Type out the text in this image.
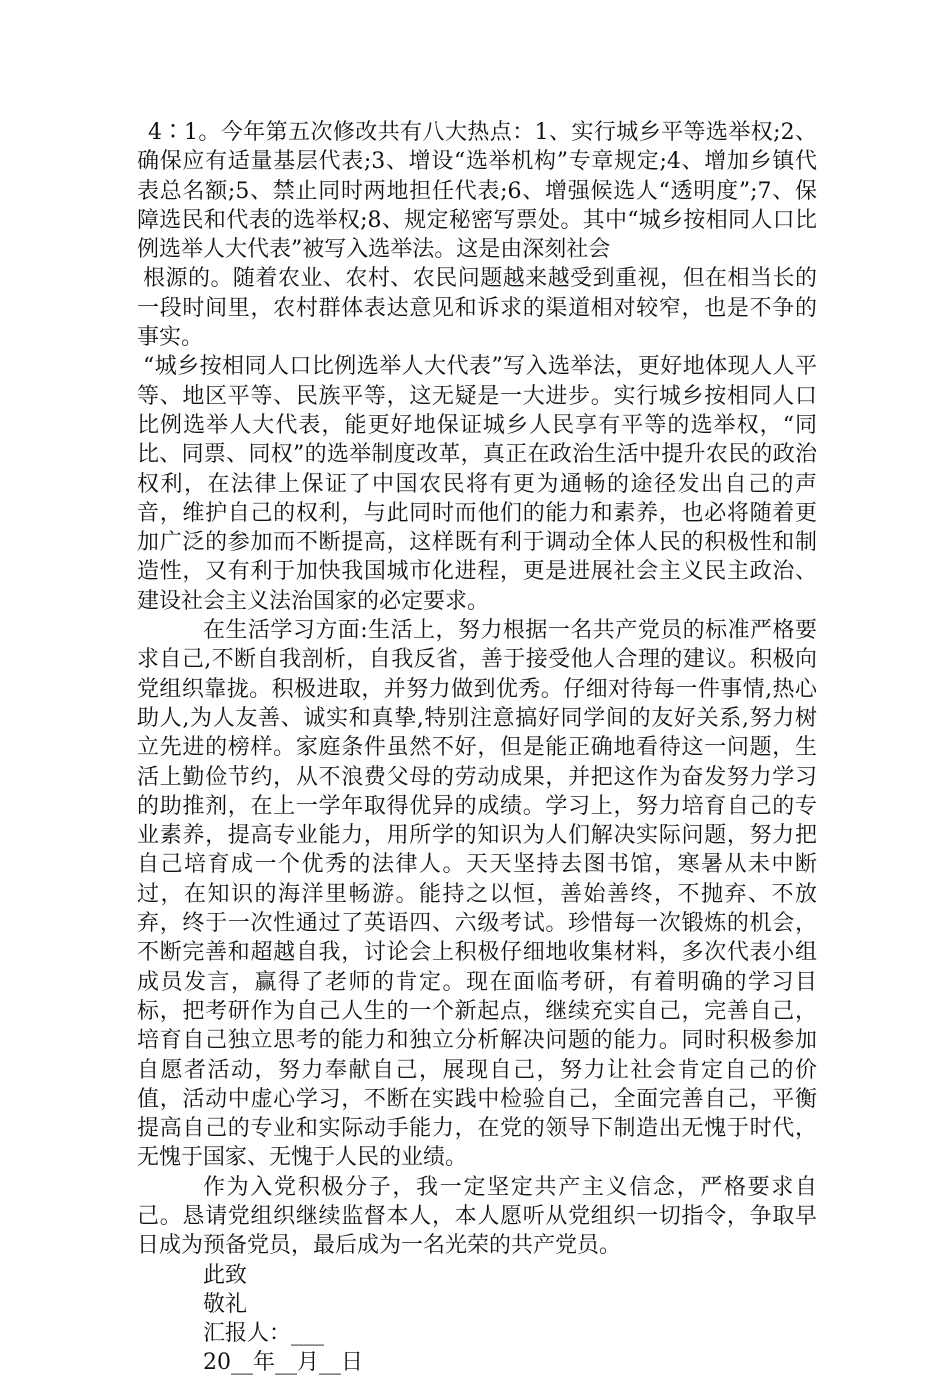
4∶1。今年第五次修改共有八大热点：1、实行城乡平等选举权;2、确保应有适量基层代表;3、增设“选举机构”专章规定;4、增加乡镇代表总名额;5、禁止同时两地担任代表;6、增强候选人“透明度”;7、保障选民和代表的选举权;8、规定秘密写票处。其中“城乡按相同人口比例选举人大代表”被写入选举法。这是由深刻社会

根源的。随着农业、农村、农民问题越来越受到重视，但在相当长的一段时间里，农村群体表达意见和诉求的渠道相对较窄，也是不争的事实。

“城乡按相同人口比例选举人大代表”写入选举法，更好地体现人人平等、地区平等、民族平等，这无疑是一大进步。实行城乡按相同人口比例选举人大代表，能更好地保证城乡人民享有平等的选举权，“同比、同票、同权”的选举制度改革，真正在政治生活中提升农民的政治权利，在法律上保证了中国农民将有更为通畅的途径发出自己的声音，维护自己的权利，与此同时而他们的能力和素养，也必将随着更加广泛的参加而不断提高，这样既有利于调动全体人民的积极性和制造性，又有利于加快我国城市化进程，更是进展社会主义民主政治、建设社会主义法治国家的必定要求。

在生活学习方面:生活上，努力根据一名共产党员的标准严格要求自己,不断自我剖析，自我反省，善于接受他人合理的建议。积极向党组织靠拢。积极进取，并努力做到优秀。仔细对待每一件事情,热心助人,为人友善、诚实和真挚,特别注意搞好同学间的友好关系,努力树立先进的榜样。家庭条件虽然不好，但是能正确地看待这一问题，生活上勤俭节约，从不浪费父母的劳动成果，并把这作为奋发努力学习的助推剂，在上一学年取得优异的成绩。学习上，努力培育自己的专业素养，提高专业能力，用所学的知识为人们解决实际问题，努力把自己培育成一个优秀的法律人。天天坚持去图书馆，寒暑从未中断过，在知识的海洋里畅游。能持之以恒，善始善终，不抛弃、不放弃，终于一次性通过了英语四、六级考试。珍惜每一次锻炼的机会，不断完善和超越自我，讨论会上积极仔细地收集材料，多次代表小组成员发言，赢得了老师的肯定。现在面临考研，有着明确的学习目标，把考研作为自己人生的一个新起点，继续充实自己，完善自己，培育自己独立思考的能力和独立分析解决问题的能力。同时积极参加自愿者活动，努力奉献自己，展现自己，努力让社会肯定自己的价值，活动中虚心学习，不断在实践中检验自己，全面完善自己，平衡提高自己的专业和实际动手能力，在党的领导下制造出无愧于时代，无愧于国家、无愧于人民的业绩。

作为入党积极分子，我一定坚定共产主义信念，严格要求自己。恳请党组织继续监督本人，本人愿听从党组织一切指令，争取早日成为预备党员，最后成为一名光荣的共产党员。

此致

敬礼

汇报人：___

20__年__月__日
